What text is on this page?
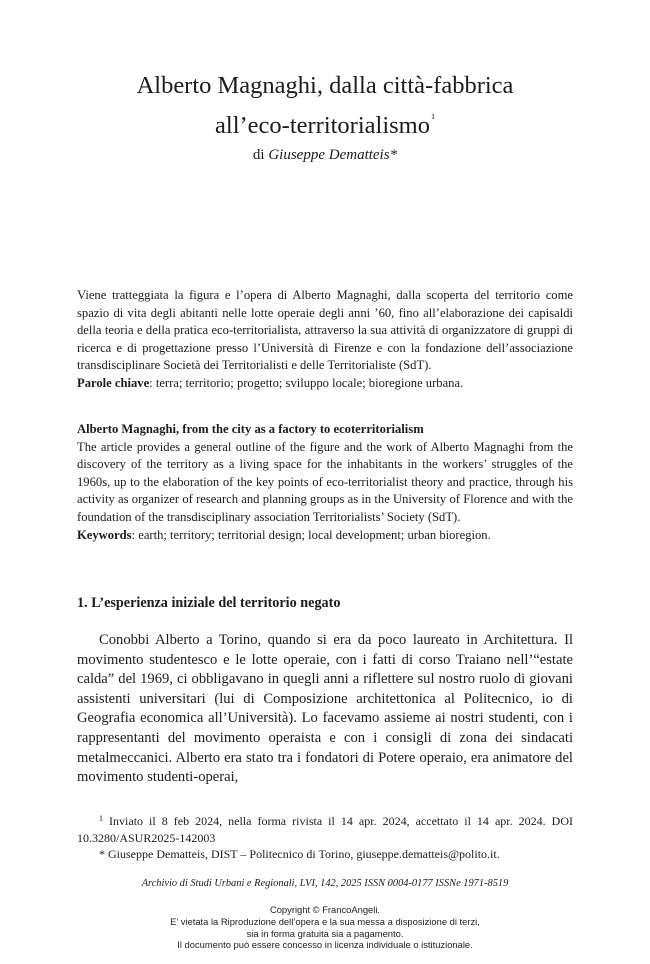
Alberto Magnaghi, dalla città-fabbrica
all’eco-territorialismo$^1$
di Giuseppe Dematteis*
Viene tratteggiata la figura e l’opera di Alberto Magnaghi, dalla scoperta del territorio come spazio di vita degli abitanti nelle lotte operaie degli anni ’60, fino all’elaborazione dei capisaldi della teoria e della pratica eco-territorialista, attraverso la sua attività di organizzatore di gruppi di ricerca e di progettazione presso l’Università di Firenze e con la fondazione dell’associazione transdisciplinare Società dei Territorialisti e delle Territorialiste (SdT).
Parole chiave: terra; territorio; progetto; sviluppo locale; bioregione urbana.
Alberto Magnaghi, from the city as a factory to ecoterritorialism
The article provides a general outline of the figure and the work of Alberto Magnaghi from the discovery of the territory as a living space for the inhabitants in the workers’ struggles of the 1960s, up to the elaboration of the key points of eco-territorialist theory and practice, through his activity as organizer of research and planning groups as in the University of Florence and with the foundation of the transdisciplinary association Territorialists’ Society (SdT).
Keywords: earth; territory; territorial design; local development; urban bioregion.
1. L’esperienza iniziale del territorio negato

Conobbi Alberto a Torino, quando si era da poco laureato in Architettura. Il movimento studentesco e le lotte operaie, con i fatti di corso Traiano nell’“estate calda” del 1969, ci obbligavano in quegli anni a riflettere sul nostro ruolo di giovani assistenti universitari (lui di Composizione architettonica al Politecnico, io di Geografia economica all’Università). Lo facevamo assieme ai nostri studenti, con i rappresentanti del movimento operaista e con i consigli di zona dei sindacati metalmeccanici. Alberto era stato tra i fondatori di Potere operaio, era animatore del movimento studenti-operai,

$^1$ Inviato il 8 feb 2024, nella forma rivista il 14 apr. 2024, accettato il 14 apr. 2024. DOI 10.3280/ASUR2025-142003
* Giuseppe Dematteis, DIST – Politecnico di Torino, giuseppe.dematteis@polito.it.
Archivio di Studi Urbani e Regionali, LVI, 142, 2025 ISSN 0004-0177 ISSNe 1971-8519
Copyright © FrancoAngeli.
E’ vietata la Riproduzione dell’opera e la sua messa a disposizione di terzi,
sia in forma gratuita sia a pagamento.
Il documento può essere concesso in licenza individuale o istituzionale.
